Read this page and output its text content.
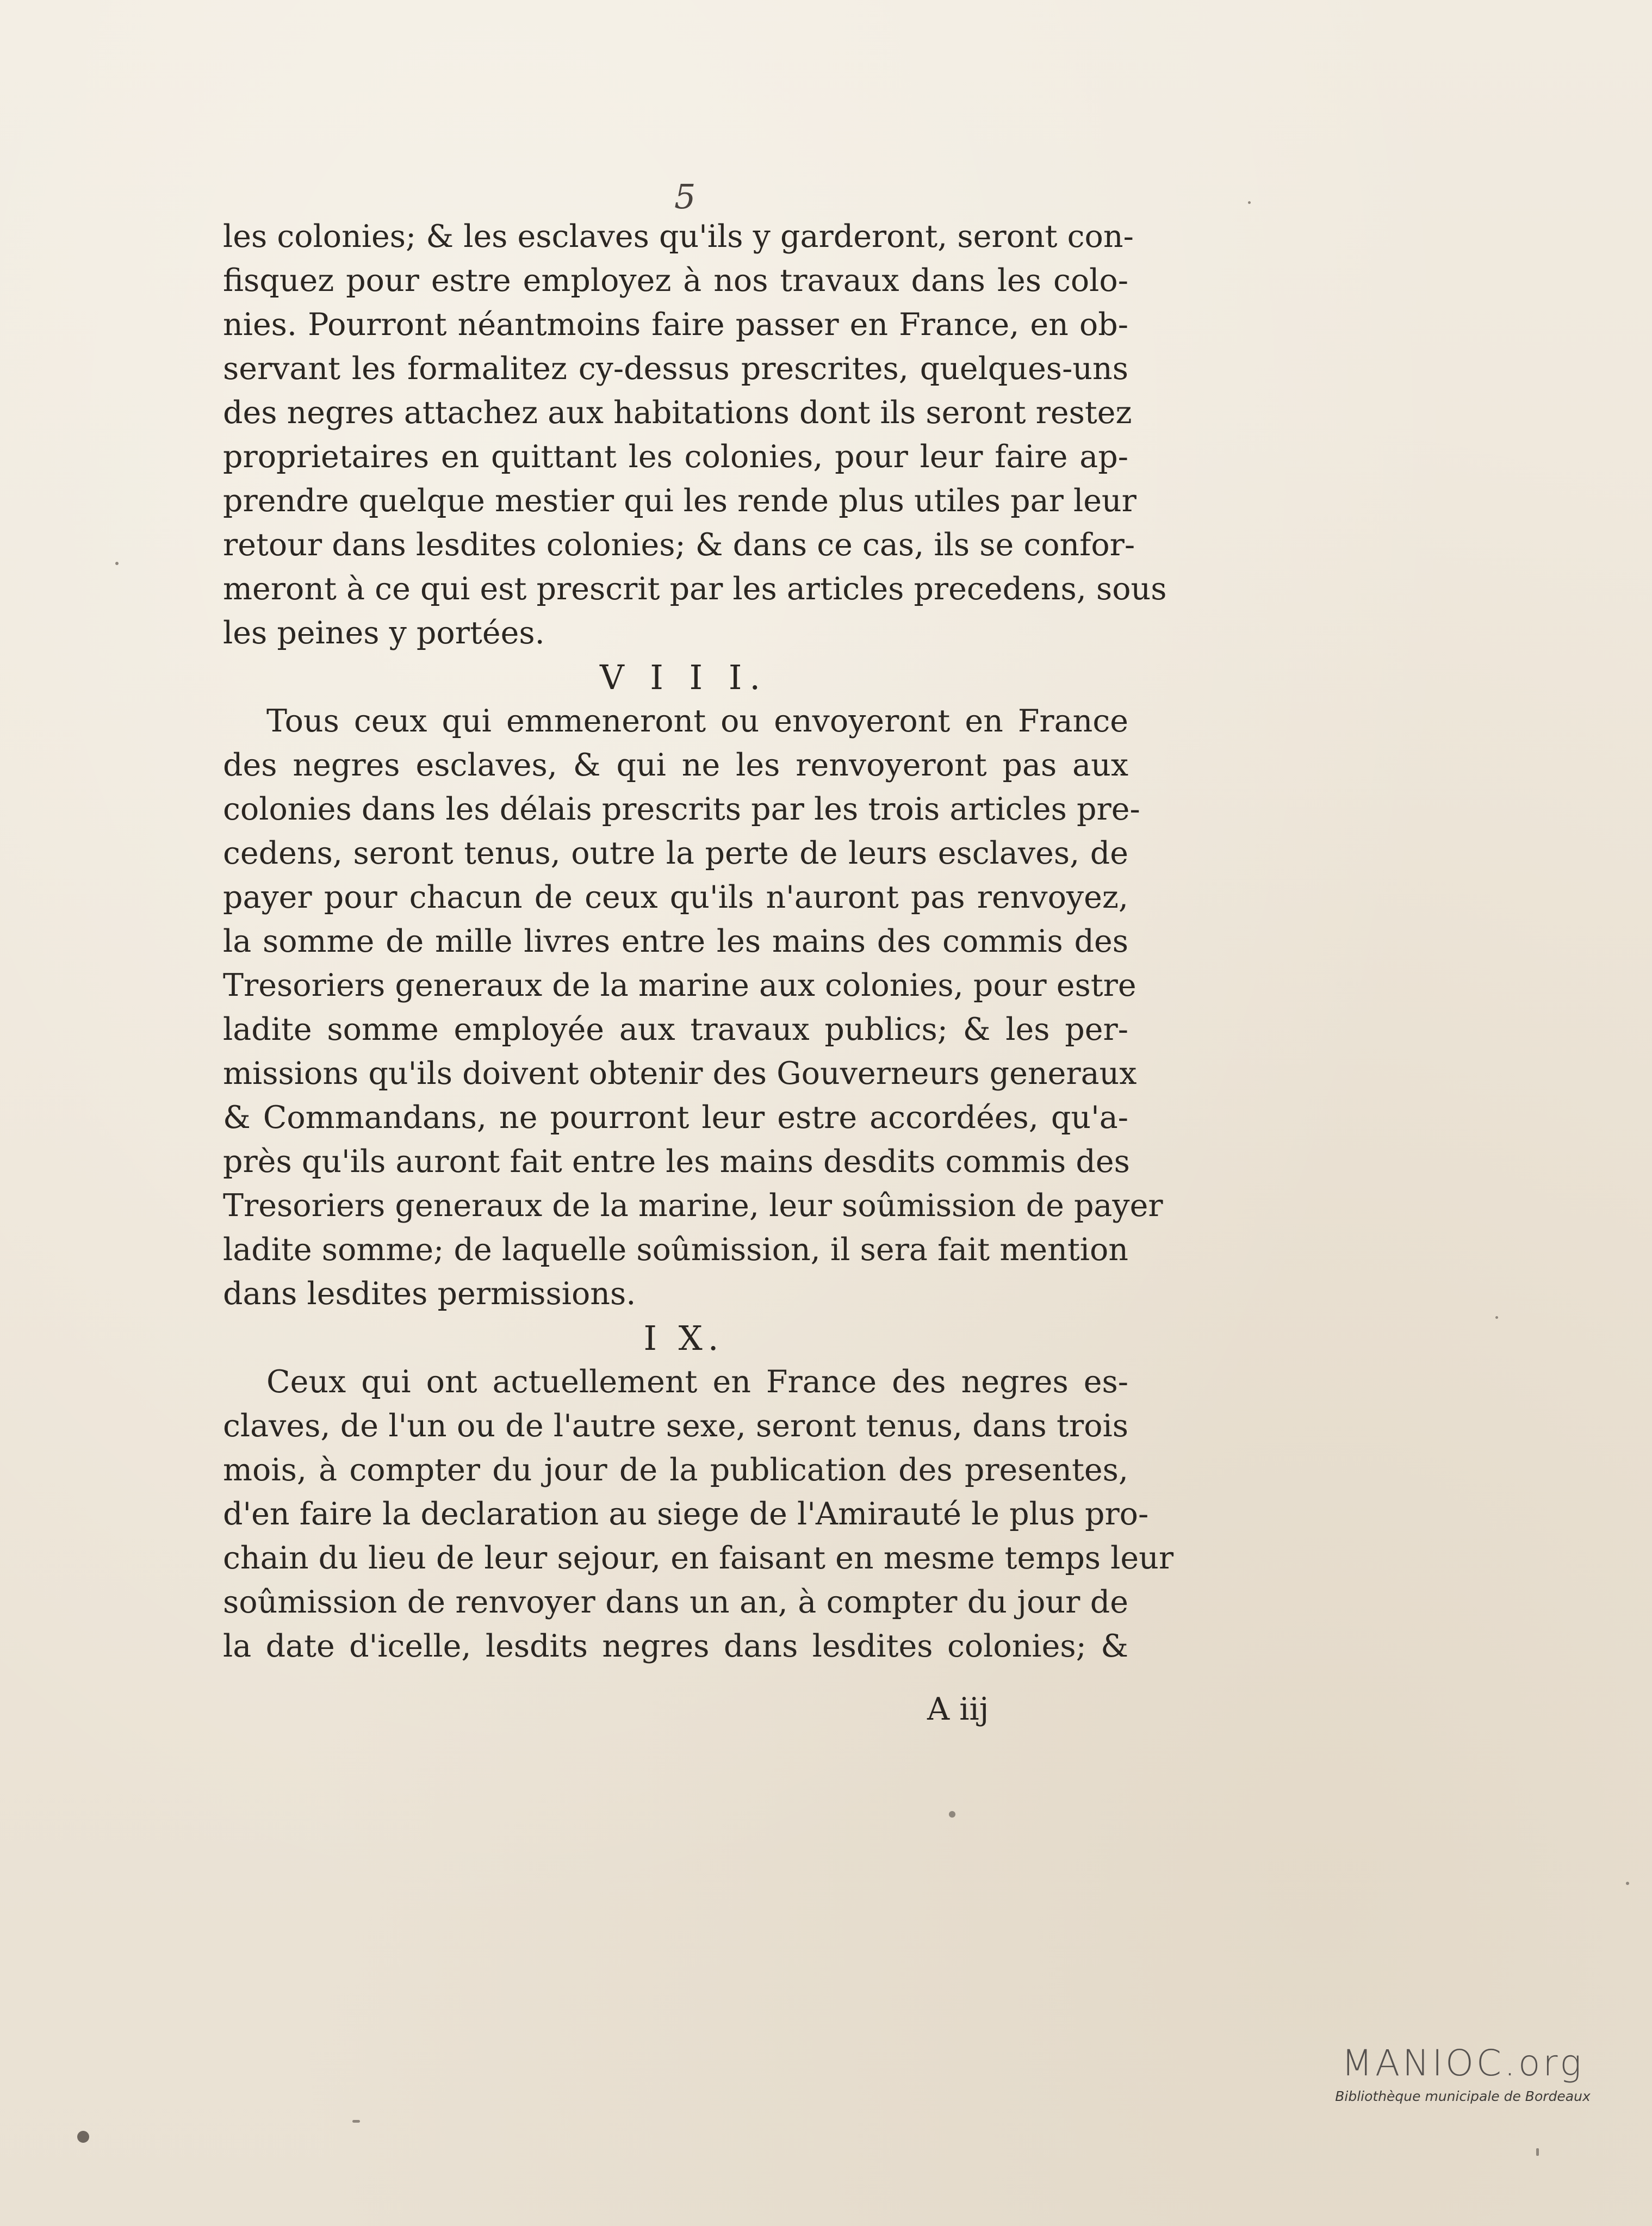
5

les colonies; & les esclaves qu'ils y garderont, seront con-

fisquez pour estre employez à nos travaux dans les colo-

nies. Pourront néantmoins faire passer en France, en ob-

servant les formalitez cy-dessus prescrites, quelques-uns

des negres attachez aux habitations dont ils seront restez

proprietaires en quittant les colonies, pour leur faire ap-

prendre quelque mestier qui les rende plus utiles par leur

retour dans lesdites colonies; & dans ce cas, ils se confor-

meront à ce qui est prescrit par les articles precedens, sous

les peines y portées.

V I I I.

Tous ceux qui emmeneront ou envoyeront en France

des negres esclaves, & qui ne les renvoyeront pas aux

colonies dans les délais prescrits par les trois articles pre-

cedens, seront tenus, outre la perte de leurs esclaves, de

payer pour chacun de ceux qu'ils n'auront pas renvoyez,

la somme de mille livres entre les mains des commis des

Tresoriers generaux de la marine aux colonies, pour estre

ladite somme employée aux travaux publics; & les per-

missions qu'ils doivent obtenir des Gouverneurs generaux

& Commandans, ne pourront leur estre accordées, qu'a-

près qu'ils auront fait entre les mains desdits commis des

Tresoriers generaux de la marine, leur soûmission de payer

ladite somme; de laquelle soûmission, il sera fait mention

dans lesdites permissions.

I X.

Ceux qui ont actuellement en France des negres es-

claves, de l'un ou de l'autre sexe, seront tenus, dans trois

mois, à compter du jour de la publication des presentes,

d'en faire la declaration au siege de l'Amirauté le plus pro-

chain du lieu de leur sejour, en faisant en mesme temps leur

soûmission de renvoyer dans un an, à compter du jour de

la date d'icelle, lesdits negres dans lesdites colonies; &

A iij

MANIOC.org

Bibliothèque municipale de Bordeaux
